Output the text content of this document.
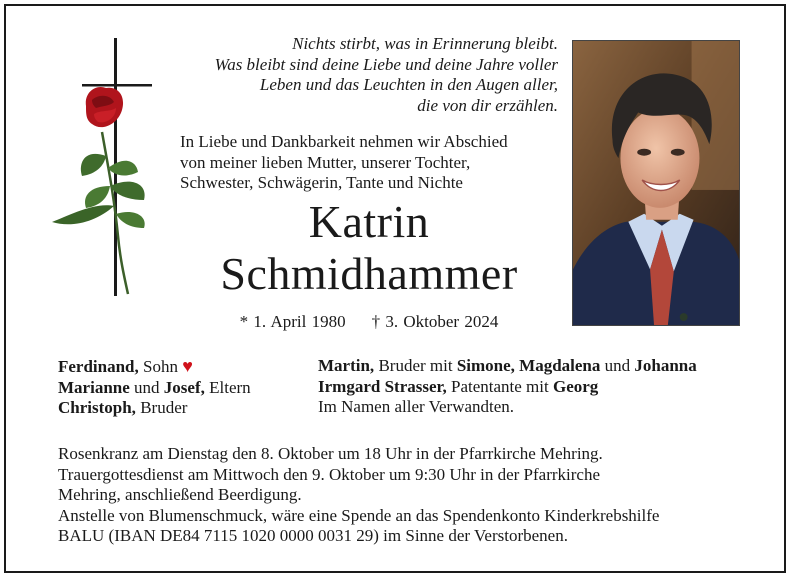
Nichts stirbt, was in Erinnerung bleibt.
Was bleibt sind deine Liebe und deine Jahre voller
Leben und das Leuchten in den Augen aller,
die von dir erzählen.
In Liebe und Dankbarkeit nehmen wir Abschied
von meiner lieben Mutter, unserer Tochter,
Schwester, Schwägerin, Tante und Nichte
Katrin
Schmidhammer
* 1. April 1980 † 3. Oktober 2024
Ferdinand, Sohn ♥
Marianne und Josef, Eltern
Christoph, Bruder
Martin, Bruder mit Simone, Magdalena und Johanna
Irmgard Strasser, Patentante mit Georg
Im Namen aller Verwandten.
Rosenkranz am Dienstag den 8. Oktober um 18 Uhr in der Pfarrkirche Mehring.
Trauergottesdienst am Mittwoch den 9. Oktober um 9:30 Uhr in der Pfarrkirche
Mehring, anschließend Beerdigung.
Anstelle von Blumenschmuck, wäre eine Spende an das Spendenkonto Kinderkrebshilfe
BALU (IBAN DE84 7115 1020 0000 0031 29) im Sinne der Verstorbenen.
